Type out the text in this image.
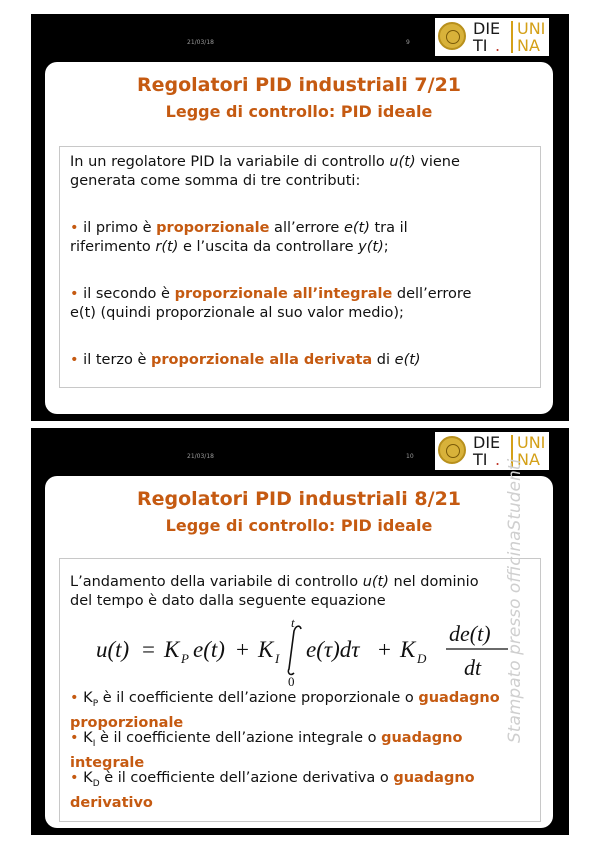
21/03/18	9
DIE UNI
TI . NA
Regolatori PID industriali 7/21
Legge di controllo: PID ideale
In un regolatore PID la variabile di controllo u(t) viene
generata come somma di tre contributi:
• il primo è proporzionale all’errore e(t) tra il
riferimento r(t) e l’uscita da controllare y(t);
• il secondo è proporzionale all’integrale dell’errore
e(t) (quindi proporzionale al suo valor medio);
• il terzo è proporzionale alla derivata di e(t)
21/03/18	10
DIE UNI
TI . NA
Regolatori PID industriali 8/21
Legge di controllo: PID ideale
L’andamento della variabile di controllo u(t) nel dominio
del tempo è dato dalla seguente equazione
u(t) = K P e(t) + K I
t
0
e(τ)dτ + K D
de(t)
dt
• $K_P$ è il coefficiente dell’azione proporzionale o guadagno
proporzionale
• $K_I$ è il coefficiente dell’azione integrale o guadagno
integrale
• $K_D$ è il coefficiente dell’azione derivativa o guadagno
derivativo
Stampato presso officinaStudenti
